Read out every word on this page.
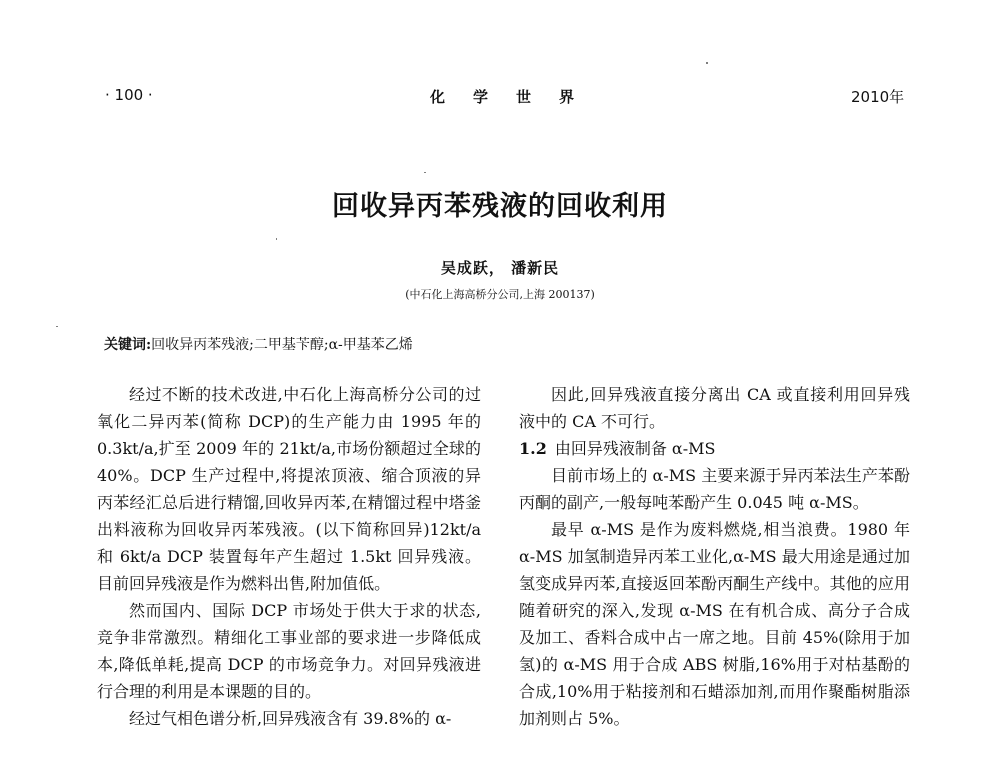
· 100 ·	化学世界	2010年
回收异丙苯残液的回收利用
吴成跃， 潘新民
(中石化上海高桥分公司,上海 200137)
关键词:回收异丙苯残液;二甲基苄醇;α-甲基苯乙烯

经过不断的技术改进,中石化上海高桥分公司的过氧化二异丙苯(简称 DCP)的生产能力由 1995 年的 0.3kt/a,扩至 2009 年的 21kt/a,市场份额超过全球的 40%。DCP 生产过程中,将提浓顶液、缩合顶液的异丙苯经汇总后进行精馏,回收异丙苯,在精馏过程中塔釜出料液称为回收异丙苯残液。(以下简称回异)12kt/a 和 6kt/a DCP 装置每年产生超过 1.5kt 回异残液。目前回异残液是作为燃料出售,附加值低。

然而国内、国际 DCP 市场处于供大于求的状态,竞争非常激烈。精细化工事业部的要求进一步降低成本,降低单耗,提高 DCP 的市场竞争力。对回异残液进行合理的利用是本课题的目的。

经过气相色谱分析,回异残液含有 39.8%的 α-

因此,回异残液直接分离出 CA 或直接利用回异残液中的 CA 不可行。

1.2 由回异残液制备 α-MS

目前市场上的 α-MS 主要来源于异丙苯法生产苯酚丙酮的副产,一般每吨苯酚产生 0.045 吨 α-MS。

最早 α-MS 是作为废料燃烧,相当浪费。1980 年 α-MS 加氢制造异丙苯工业化,α-MS 最大用途是通过加氢变成异丙苯,直接返回苯酚丙酮生产线中。其他的应用随着研究的深入,发现 α-MS 在有机合成、高分子合成及加工、香料合成中占一席之地。目前 45%(除用于加氢)的 α-MS 用于合成 ABS 树脂,16%用于对枯基酚的合成,10%用于粘接剂和石蜡添加剂,而用作聚酯树脂添加剂则占 5%。
